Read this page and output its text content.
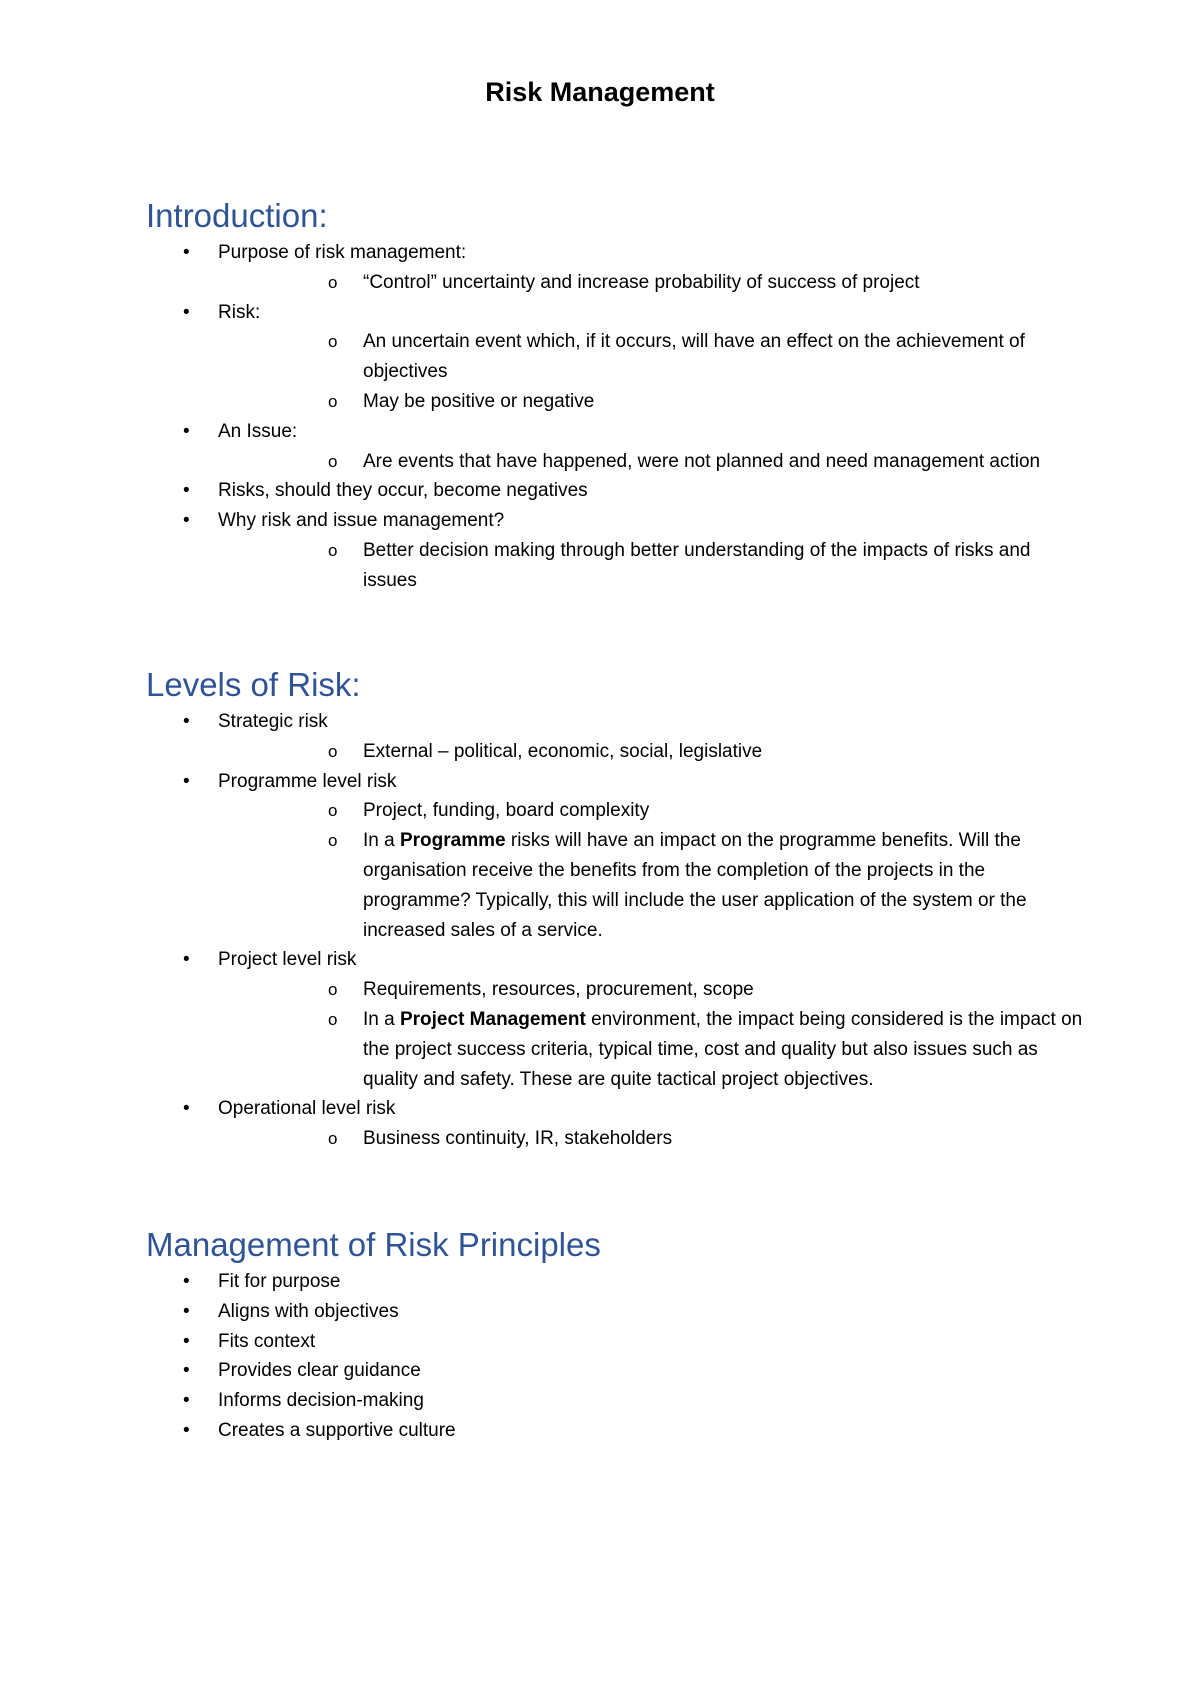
Risk Management
Introduction:
• Purpose of risk management:
o “Control” uncertainty and increase probability of success of project
• Risk:
o An uncertain event which, if it occurs, will have an effect on the achievement of objectives
o May be positive or negative
• An Issue:
o Are events that have happened, were not planned and need management action
• Risks, should they occur, become negatives
• Why risk and issue management?
o Better decision making through better understanding of the impacts of risks and issues
Levels of Risk:
• Strategic risk
o External – political, economic, social, legislative
• Programme level risk
o Project, funding, board complexity
o In a Programme risks will have an impact on the programme benefits. Will the organisation receive the benefits from the completion of the projects in the programme? Typically, this will include the user application of the system or the increased sales of a service.
• Project level risk
o Requirements, resources, procurement, scope
o In a Project Management environment, the impact being considered is the impact on the project success criteria, typical time, cost and quality but also issues such as quality and safety. These are quite tactical project objectives.
• Operational level risk
o Business continuity, IR, stakeholders
Management of Risk Principles
• Fit for purpose
• Aligns with objectives
• Fits context
• Provides clear guidance
• Informs decision-making
• Creates a supportive culture
